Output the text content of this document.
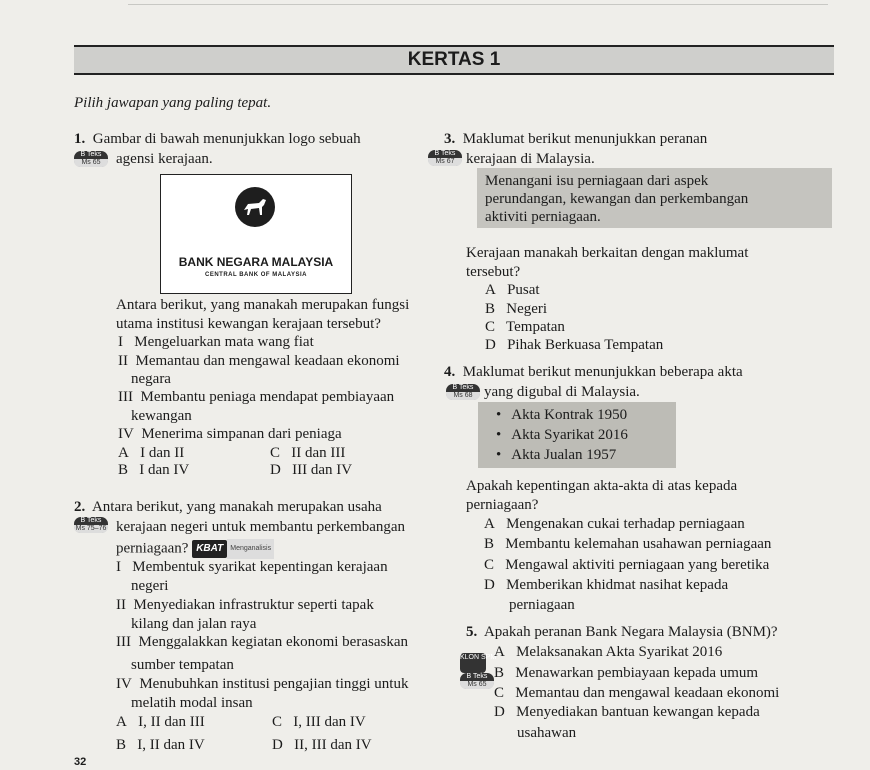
KERTAS 1
Pilih jawapan yang paling tepat.
1. Gambar di bawah menunjukkan logo sebuah
B Teks
Ms 65	agensi kerajaan.
BANK NEGARA MALAYSIA
CENTRAL BANK OF MALAYSIA
Antara berikut, yang manakah merupakan fungsi
utama institusi kewangan kerajaan tersebut?
I Mengeluarkan mata wang fiat
II Memantau dan mengawal keadaan ekonomi
negara
III Membantu peniaga mendapat pembiayaan
kewangan
IV Menerima simpanan dari peniaga
A I dan II	C II dan III
B I dan IV	D III dan IV
2. Antara berikut, yang manakah merupakan usaha
B Teks
Ms 75–76 kerajaan negeri untuk membantu perkembangan
perniagaan? KBAT Menganalisis
I Membentuk syarikat kepentingan kerajaan
negeri
II Menyediakan infrastruktur seperti tapak
kilang dan jalan raya
III Menggalakkan kegiatan ekonomi berasaskan
sumber tempatan
IV Menubuhkan institusi pengajian tinggi untuk
melatih modal insan
A I, II dan III	C I, III dan IV
B I, II dan IV	D II, III dan IV
3. Maklumat berikut menunjukkan peranan
B Teks
Ms 67 kerajaan di Malaysia.
Menangani isu perniagaan dari aspek
perundangan, kewangan dan perkembangan
aktiviti perniagaan.
Kerajaan manakah berkaitan dengan maklumat
tersebut?
A Pusat
B Negeri
C Tempatan
D Pihak Berkuasa Tempatan
4. Maklumat berikut menunjukkan beberapa akta
B Teks
Ms 68 yang digubal di Malaysia.
• Akta Kontrak 1950
• Akta Syarikat 2016
• Akta Jualan 1957
Apakah kepentingan akta-akta di atas kepada
perniagaan?
A Mengenakan cukai terhadap perniagaan
B Membantu kelemahan usahawan perniagaan
C Mengawal aktiviti perniagaan yang beretika
D Memberikan khidmat nasihat kepada
perniagaan
5. Apakah peranan Bank Negara Malaysia (BNM)?
KLON SPM
B Teks
Ms 65
A Melaksanakan Akta Syarikat 2016
B Menawarkan pembiayaan kepada umum
C Memantau dan mengawal keadaan ekonomi
D Menyediakan bantuan kewangan kepada
usahawan
32
